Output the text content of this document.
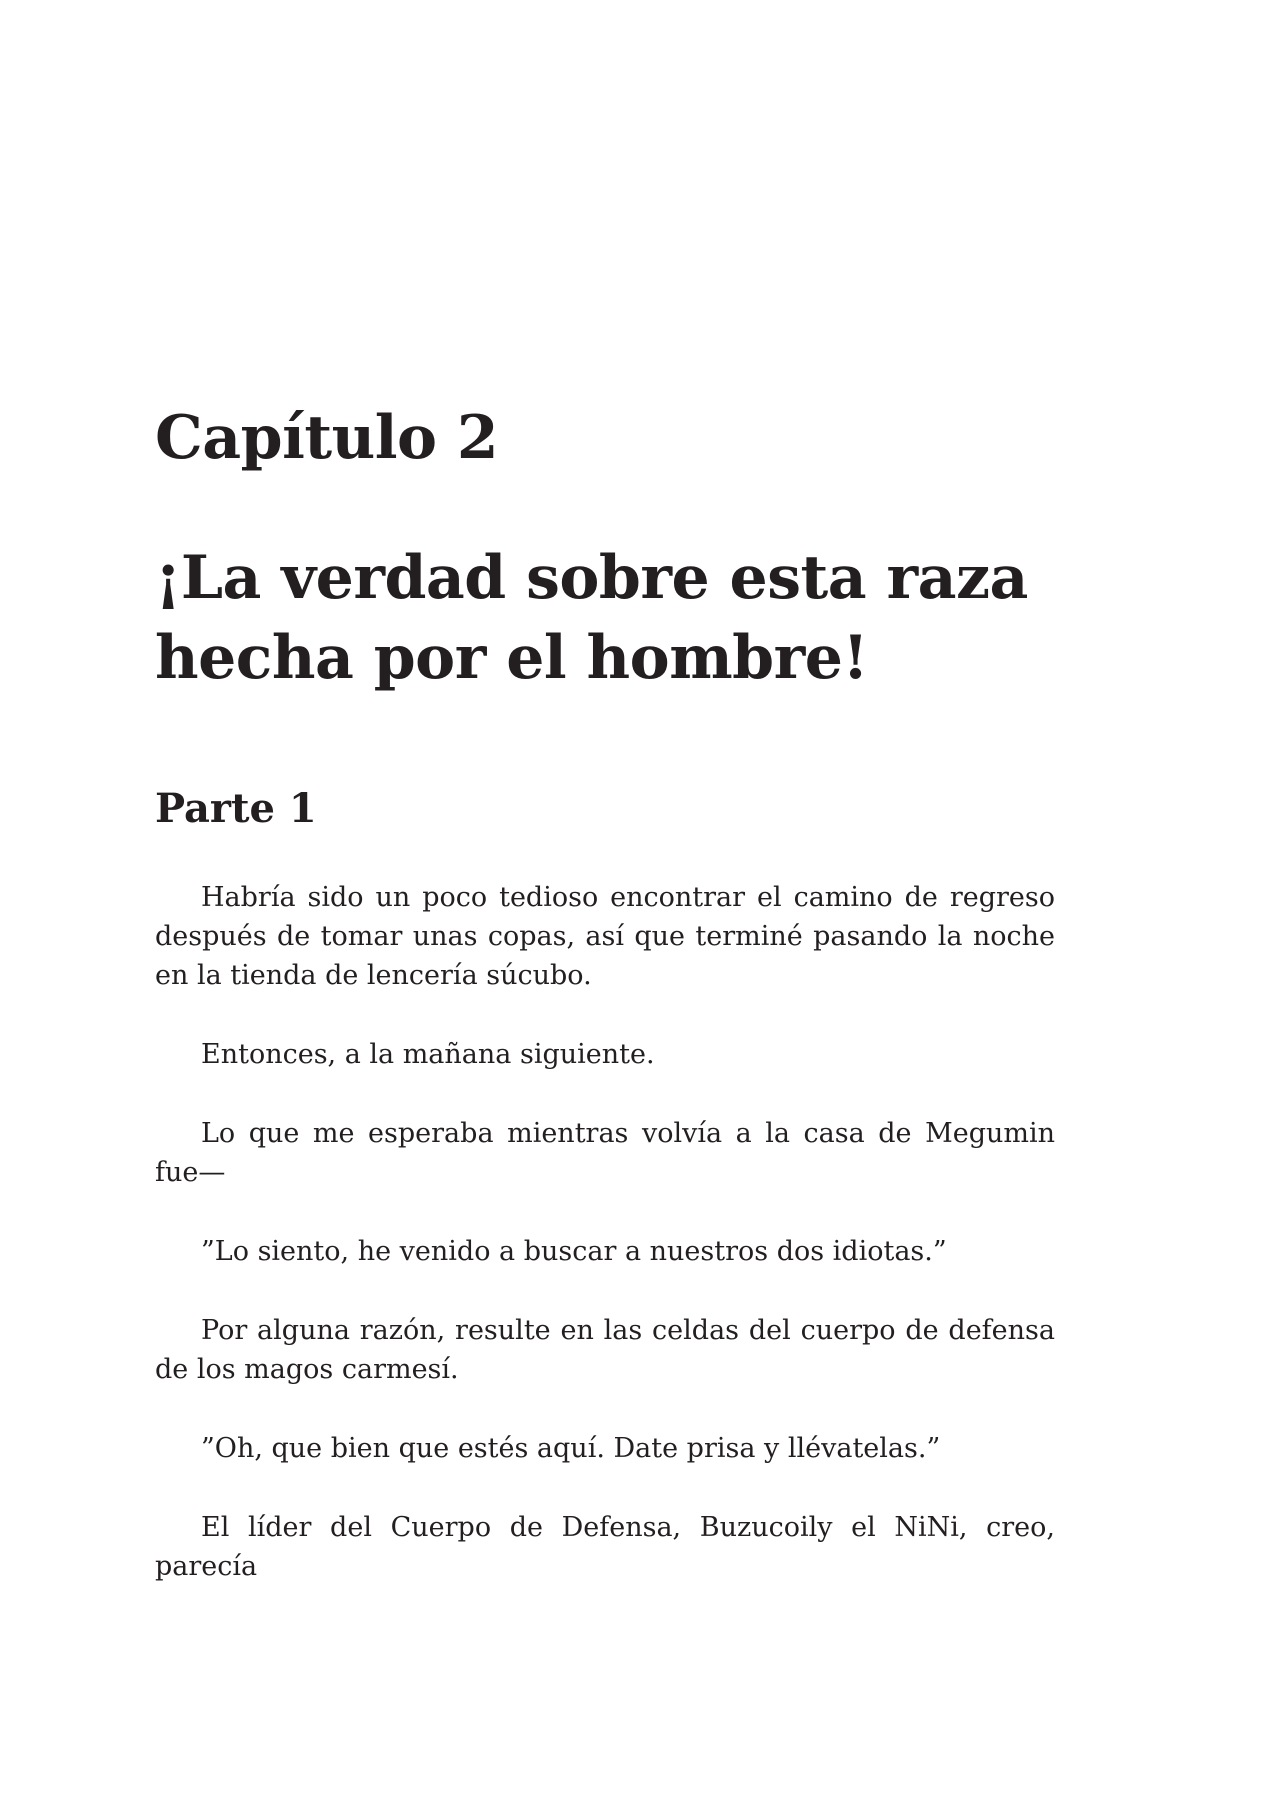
Capítulo 2
¡La verdad sobre esta raza
hecha por el hombre!
Parte 1

Habría sido un poco tedioso encontrar el camino de regreso después de tomar unas copas, así que terminé pasando la noche en la tienda de lencería súcubo.

Entonces, a la mañana siguiente.

Lo que me esperaba mientras volvía a la casa de Megumin fue—

”Lo siento, he venido a buscar a nuestros dos idiotas.”

Por alguna razón, resulte en las celdas del cuerpo de defensa de los magos carmesí.

”Oh, que bien que estés aquí. Date prisa y llévatelas.”

El líder del Cuerpo de Defensa, Buzucoily el NiNi, creo, parecía
